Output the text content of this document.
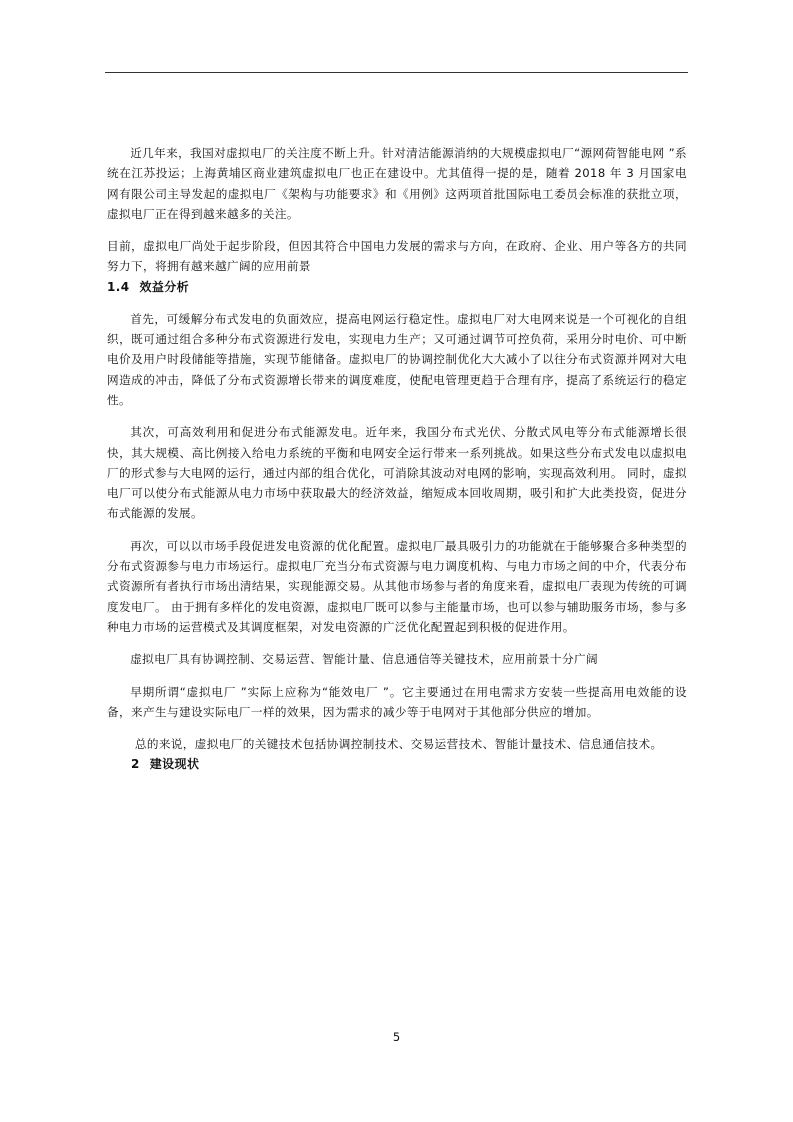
近几年来，我国对虚拟电厂的关注度不断上升。针对清洁能源消纳的大规模虚拟电厂“源网荷智能电网 ”系统在江苏投运；上海黄埔区商业建筑虚拟电厂也正在建设中。尤其值得一提的是，随着 2018 年 3 月国家电网有限公司主导发起的虚拟电厂《架构与功能要求》和《用例》这两项首批国际电工委员会标准的获批立项，虚拟电厂正在得到越来越多的关注。

目前，虚拟电厂尚处于起步阶段，但因其符合中国电力发展的需求与方向，在政府、企业、用户等各方的共同努力下，将拥有越来越广阔的应用前景

1.4 效益分析

首先，可缓解分布式发电的负面效应，提高电网运行稳定性。虚拟电厂对大电网来说是一个可视化的自组织，既可通过组合多种分布式资源进行发电，实现电力生产；又可通过调节可控负荷，采用分时电价、可中断电价及用户时段储能等措施，实现节能储备。虚拟电厂的协调控制优化大大减小了以往分布式资源并网对大电网造成的冲击，降低了分布式资源增长带来的调度难度，使配电管理更趋于合理有序，提高了系统运行的稳定性。

其次，可高效利用和促进分布式能源发电。近年来，我国分布式光伏、分散式风电等分布式能源增长很快，其大规模、高比例接入给电力系统的平衡和电网安全运行带来一系列挑战。如果这些分布式发电以虚拟电厂的形式参与大电网的运行，通过内部的组合优化，可消除其波动对电网的影响，实现高效利用。 同时，虚拟电厂可以使分布式能源从电力市场中获取最大的经济效益，缩短成本回收周期，吸引和扩大此类投资，促进分布式能源的发展。

再次，可以以市场手段促进发电资源的优化配置。虚拟电厂最具吸引力的功能就在于能够聚合多种类型的分布式资源参与电力市场运行。虚拟电厂充当分布式资源与电力调度机构、与电力市场之间的中介，代表分布式资源所有者执行市场出清结果，实现能源交易。从其他市场参与者的角度来看，虚拟电厂表现为传统的可调度发电厂。 由于拥有多样化的发电资源，虚拟电厂既可以参与主能量市场，也可以参与辅助服务市场，参与多种电力市场的运营模式及其调度框架，对发电资源的广泛优化配置起到积极的促进作用。

虚拟电厂具有协调控制、交易运营、智能计量、信息通信等关键技术，应用前景十分广阔

早期所谓“虚拟电厂 ”实际上应称为“能效电厂 ”。它主要通过在用电需求方安装一些提高用电效能的设备，来产生与建设实际电厂一样的效果，因为需求的减少等于电网对于其他部分供应的增加。

总的来说，虚拟电厂的关键技术包括协调控制技术、交易运营技术、智能计量技术、信息通信技术。

2 建设现状
5
